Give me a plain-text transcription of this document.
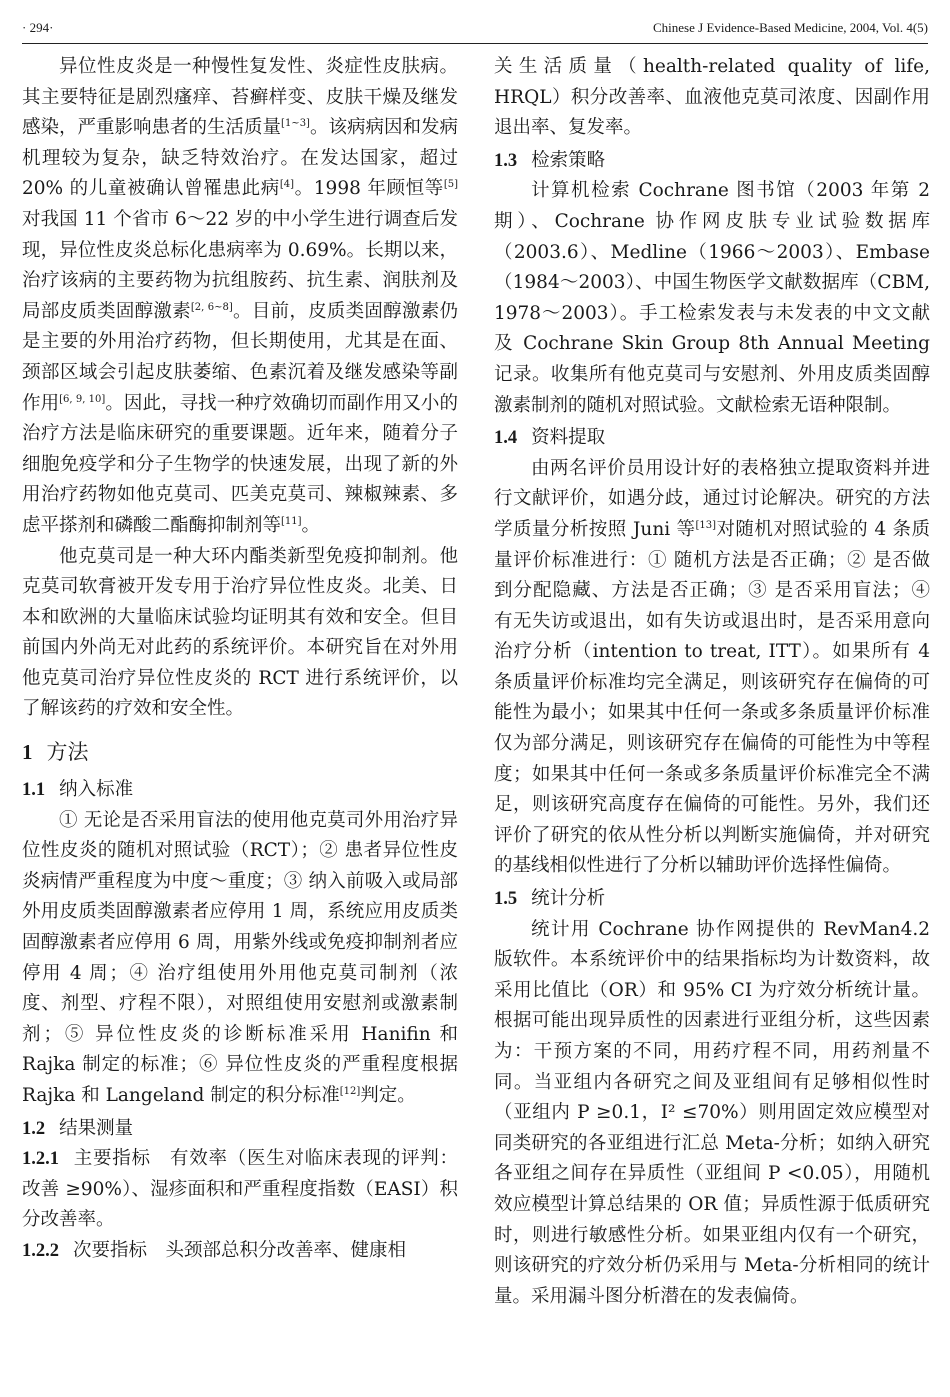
· 294·	Chinese J Evidence-Based Medicine, 2004, Vol. 4(5)

异位性皮炎是一种慢性复发性、炎症性皮肤病。其主要特征是剧烈瘙痒、苔癣样变、皮肤干燥及继发感染，严重影响患者的生活质量[1~3]。该病病因和发病机理较为复杂，缺乏特效治疗。在发达国家，超过 20% 的儿童被确认曾罹患此病[4]。1998 年顾恒等[5]对我国 11 个省市 6～22 岁的中小学生进行调查后发现，异位性皮炎总标化患病率为 0.69%。长期以来，治疗该病的主要药物为抗组胺药、抗生素、润肤剂及局部皮质类固醇激素[2, 6~8]。目前，皮质类固醇激素仍是主要的外用治疗药物，但长期使用，尤其是在面、颈部区域会引起皮肤萎缩、色素沉着及继发感染等副作用[6, 9, 10]。因此，寻找一种疗效确切而副作用又小的治疗方法是临床研究的重要课题。近年来，随着分子细胞免疫学和分子生物学的快速发展，出现了新的外用治疗药物如他克莫司、匹美克莫司、辣椒辣素、多虑平搽剂和磷酸二酯酶抑制剂等[11]。

他克莫司是一种大环内酯类新型免疫抑制剂。他克莫司软膏被开发专用于治疗异位性皮炎。北美、日本和欧洲的大量临床试验均证明其有效和安全。但目前国内外尚无对此药的系统评价。本研究旨在对外用他克莫司治疗异位性皮炎的 RCT 进行系统评价，以了解该药的疗效和安全性。

1 方法
1.1 纳入标准

① 无论是否采用盲法的使用他克莫司外用治疗异位性皮炎的随机对照试验（RCT）；② 患者异位性皮炎病情严重程度为中度～重度；③ 纳入前吸入或局部外用皮质类固醇激素者应停用 1 周，系统应用皮质类固醇激素者应停用 6 周，用紫外线或免疫抑制剂者应停用 4 周；④ 治疗组使用外用他克莫司制剂（浓度、剂型、疗程不限），对照组使用安慰剂或激素制剂；⑤ 异位性皮炎的诊断标准采用 Hanifin 和 Rajka 制定的标准；⑥ 异位性皮炎的严重程度根据 Rajka 和 Langeland 制定的积分标准[12]判定。

1.2 结果测量

1.2.1 主要指标　有效率（医生对临床表现的评判：改善 ≥90%）、湿疹面积和严重程度指数（EASI）积分改善率。

1.2.2 次要指标　头颈部总积分改善率、健康相

关生活质量（health-related quality of life, HRQL）积分改善率、血液他克莫司浓度、因副作用退出率、复发率。

1.3 检索策略

计算机检索 Cochrane 图书馆（2003 年第 2 期）、Cochrane 协作网皮肤专业试验数据库（2003.6）、Medline（1966～2003）、Embase（1984～2003）、中国生物医学文献数据库（CBM, 1978～2003）。手工检索发表与未发表的中文文献及 Cochrane Skin Group 8th Annual Meeting 记录。收集所有他克莫司与安慰剂、外用皮质类固醇激素制剂的随机对照试验。文献检索无语种限制。

1.4 资料提取

由两名评价员用设计好的表格独立提取资料并进行文献评价，如遇分歧，通过讨论解决。研究的方法学质量分析按照 Juni 等[13]对随机对照试验的 4 条质量评价标准进行：① 随机方法是否正确；② 是否做到分配隐藏、方法是否正确；③ 是否采用盲法；④ 有无失访或退出，如有失访或退出时，是否采用意向治疗分析（intention to treat, ITT）。如果所有 4 条质量评价标准均完全满足，则该研究存在偏倚的可能性为最小；如果其中任何一条或多条质量评价标准仅为部分满足，则该研究存在偏倚的可能性为中等程度；如果其中任何一条或多条质量评价标准完全不满足，则该研究高度存在偏倚的可能性。另外，我们还评价了研究的依从性分析以判断实施偏倚，并对研究的基线相似性进行了分析以辅助评价选择性偏倚。

1.5 统计分析

统计用 Cochrane 协作网提供的 RevMan4.2 版软件。本系统评价中的结果指标均为计数资料，故采用比值比（OR）和 95% CI 为疗效分析统计量。根据可能出现异质性的因素进行亚组分析，这些因素为：干预方案的不同，用药疗程不同，用药剂量不同。当亚组内各研究之间及亚组间有足够相似性时（亚组内 P ≥0.1，I² ≤70%）则用固定效应模型对同类研究的各亚组进行汇总 Meta-分析；如纳入研究各亚组之间存在异质性（亚组间 P <0.05），用随机效应模型计算总结果的 OR 值；异质性源于低质研究时，则进行敏感性分析。如果亚组内仅有一个研究，则该研究的疗效分析仍采用与 Meta-分析相同的统计量。采用漏斗图分析潜在的发表偏倚。
